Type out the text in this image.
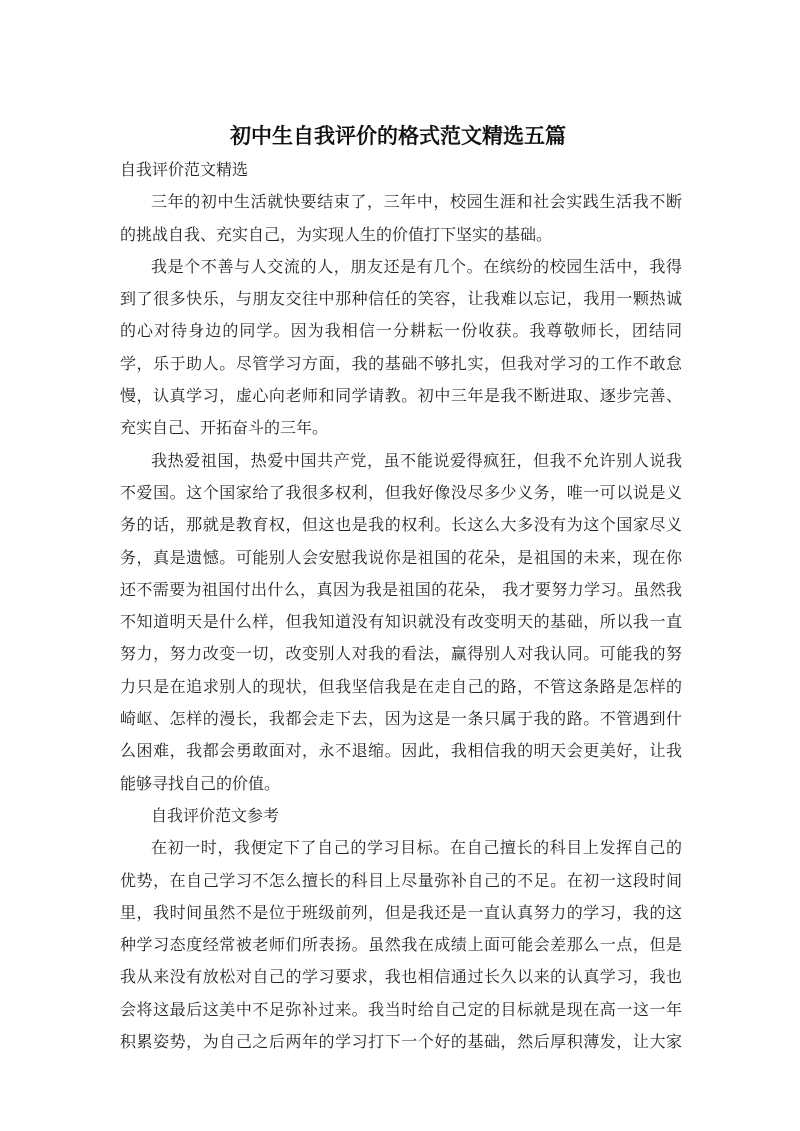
初中生自我评价的格式范文精选五篇
自我评价范文精选
三年的初中生活就快要结束了，三年中，校园生涯和社会实践生活我不断
的挑战自我、充实自己，为实现人生的价值打下坚实的基础。
我是个不善与人交流的人，朋友还是有几个。在缤纷的校园生活中，我得
到了很多快乐，与朋友交往中那种信任的笑容，让我难以忘记，我用一颗热诚
的心对待身边的同学。因为我相信一分耕耘一份收获。我尊敬师长，团结同
学，乐于助人。尽管学习方面，我的基础不够扎实，但我对学习的工作不敢怠
慢，认真学习，虚心向老师和同学请教。初中三年是我不断进取、逐步完善、
充实自己、开拓奋斗的三年。
我热爱祖国，热爱中国共产党，虽不能说爱得疯狂，但我不允许别人说我
不爱国。这个国家给了我很多权利，但我好像没尽多少义务，唯一可以说是义
务的话，那就是教育权，但这也是我的权利。长这么大多没有为这个国家尽义
务，真是遗憾。可能别人会安慰我说你是祖国的花朵，是祖国的未来，现在你
还不需要为祖国付出什么，真因为我是祖国的花朵， 我才要努力学习。虽然我
不知道明天是什么样，但我知道没有知识就没有改变明天的基础，所以我一直
努力，努力改变一切，改变别人对我的看法，赢得别人对我认同。可能我的努
力只是在追求别人的现状，但我坚信我是在走自己的路，不管这条路是怎样的
崎岖、怎样的漫长，我都会走下去，因为这是一条只属于我的路。不管遇到什
么困难，我都会勇敢面对，永不退缩。因此，我相信我的明天会更美好，让我
能够寻找自己的价值。
自我评价范文参考
在初一时，我便定下了自己的学习目标。在自己擅长的科目上发挥自己的
优势，在自己学习不怎么擅长的科目上尽量弥补自己的不足。在初一这段时间
里，我时间虽然不是位于班级前列，但是我还是一直认真努力的学习，我的这
种学习态度经常被老师们所表扬。虽然我在成绩上面可能会差那么一点，但是
我从来没有放松对自己的学习要求，我也相信通过长久以来的认真学习，我也
会将这最后这美中不足弥补过来。我当时给自己定的目标就是现在高一这一年
积累姿势，为自己之后两年的学习打下一个好的基础，然后厚积薄发，让大家
